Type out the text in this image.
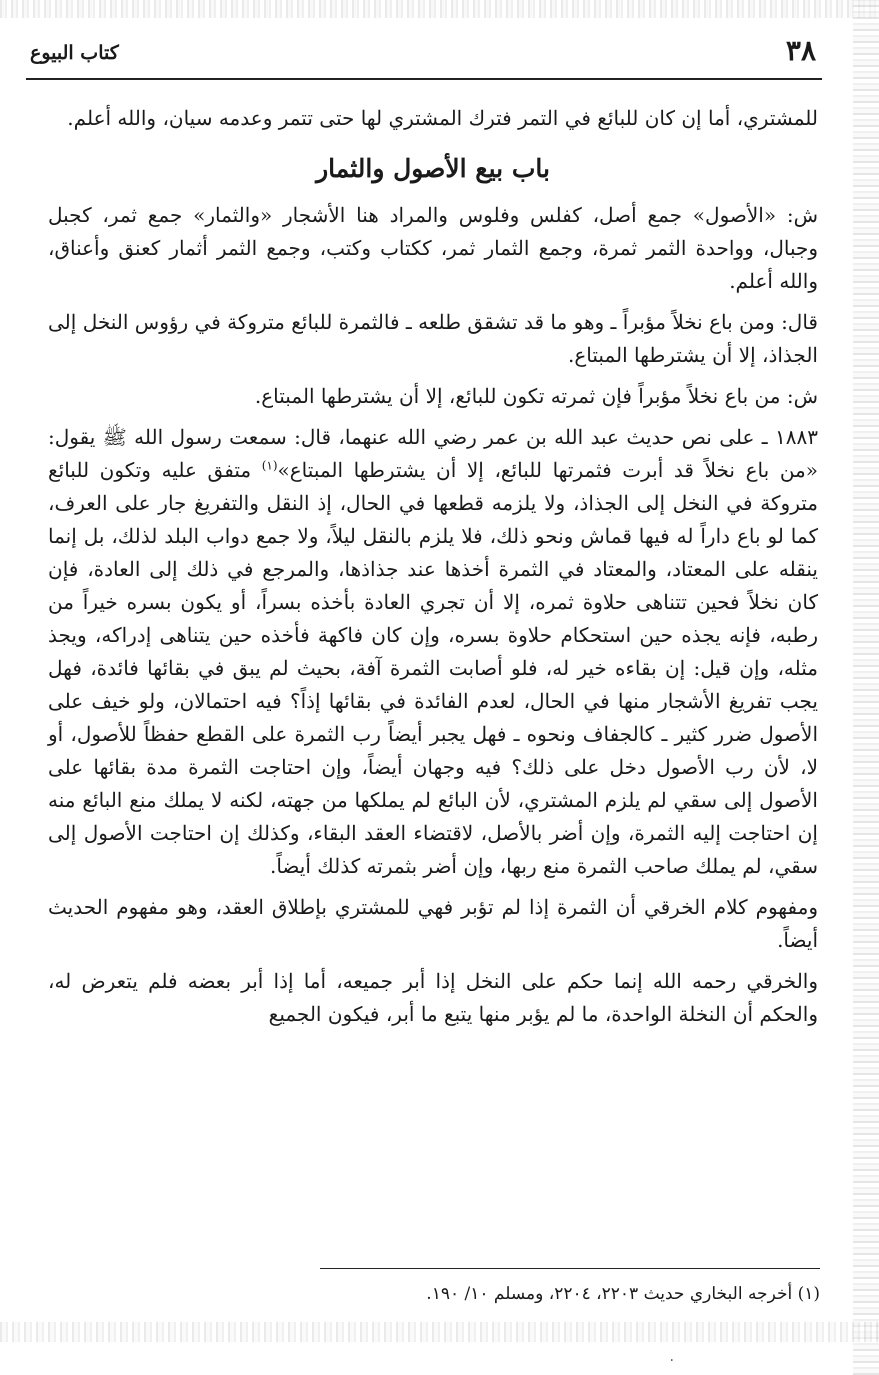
٣٨
كتاب البيوع

للمشتري، أما إن كان للبائع في التمر فترك المشتري لها حتى تتمر وعدمه سيان، والله أعلم.

باب بيع الأصول والثمار

ش: «الأصول» جمع أصل، كفلس وفلوس والمراد هنا الأشجار «والثمار» جمع ثمر، كجبل وجبال، وواحدة الثمر ثمرة، وجمع الثمار ثمر، ككتاب وكتب، وجمع الثمر أثمار كعنق وأعناق، والله أعلم.

قال: ومن باع نخلاً مؤبراً ـ وهو ما قد تشقق طلعه ـ فالثمرة للبائع متروكة في رؤوس النخل إلى الجذاذ، إلا أن يشترطها المبتاع.

ش: من باع نخلاً مؤبراً فإن ثمرته تكون للبائع، إلا أن يشترطها المبتاع.

١٨٨٣ ـ على نص حديث عبد الله بن عمر رضي الله عنهما، قال: سمعت رسول الله ﷺ يقول: «من باع نخلاً قد أبرت فثمرتها للبائع، إلا أن يشترطها المبتاع»$^{(١)}$ متفق عليه وتكون للبائع متروكة في النخل إلى الجذاذ، ولا يلزمه قطعها في الحال، إذ النقل والتفريغ جار على العرف، كما لو باع داراً له فيها قماش ونحو ذلك، فلا يلزم بالنقل ليلاً، ولا جمع دواب البلد لذلك، بل إنما ينقله على المعتاد، والمعتاد في الثمرة أخذها عند جذاذها، والمرجع في ذلك إلى العادة، فإن كان نخلاً فحين تتناهى حلاوة ثمره، إلا أن تجري العادة بأخذه بسراً، أو يكون بسره خيراً من رطبه، فإنه يجذه حين استحكام حلاوة بسره، وإن كان فاكهة فأخذه حين يتناهى إدراكه، ويجذ مثله، وإن قيل: إن بقاءه خير له، فلو أصابت الثمرة آفة، بحيث لم يبق في بقائها فائدة، فهل يجب تفريغ الأشجار منها في الحال، لعدم الفائدة في بقائها إذاً؟ فيه احتمالان، ولو خيف على الأصول ضرر كثير ـ كالجفاف ونحوه ـ فهل يجبر أيضاً رب الثمرة على القطع حفظاً للأصول، أو لا، لأن رب الأصول دخل على ذلك؟ فيه وجهان أيضاً، وإن احتاجت الثمرة مدة بقائها على الأصول إلى سقي لم يلزم المشتري، لأن البائع لم يملكها من جهته، لكنه لا يملك منع البائع منه إن احتاجت إليه الثمرة، وإن أضر بالأصل، لاقتضاء العقد البقاء، وكذلك إن احتاجت الأصول إلى سقي، لم يملك صاحب الثمرة منع ربها، وإن أضر بثمرته كذلك أيضاً.

ومفهوم كلام الخرقي أن الثمرة إذا لم تؤبر فهي للمشتري بإطلاق العقد، وهو مفهوم الحديث أيضاً.

والخرقي رحمه الله إنما حكم على النخل إذا أبر جميعه، أما إذا أبر بعضه فلم يتعرض له، والحكم أن النخلة الواحدة، ما لم يؤبر منها يتبع ما أبر، فيكون الجميع

(١) أخرجه البخاري حديث ٢٢٠٣، ٢٢٠٤، ومسلم ١٠/ ١٩٠.
٠
